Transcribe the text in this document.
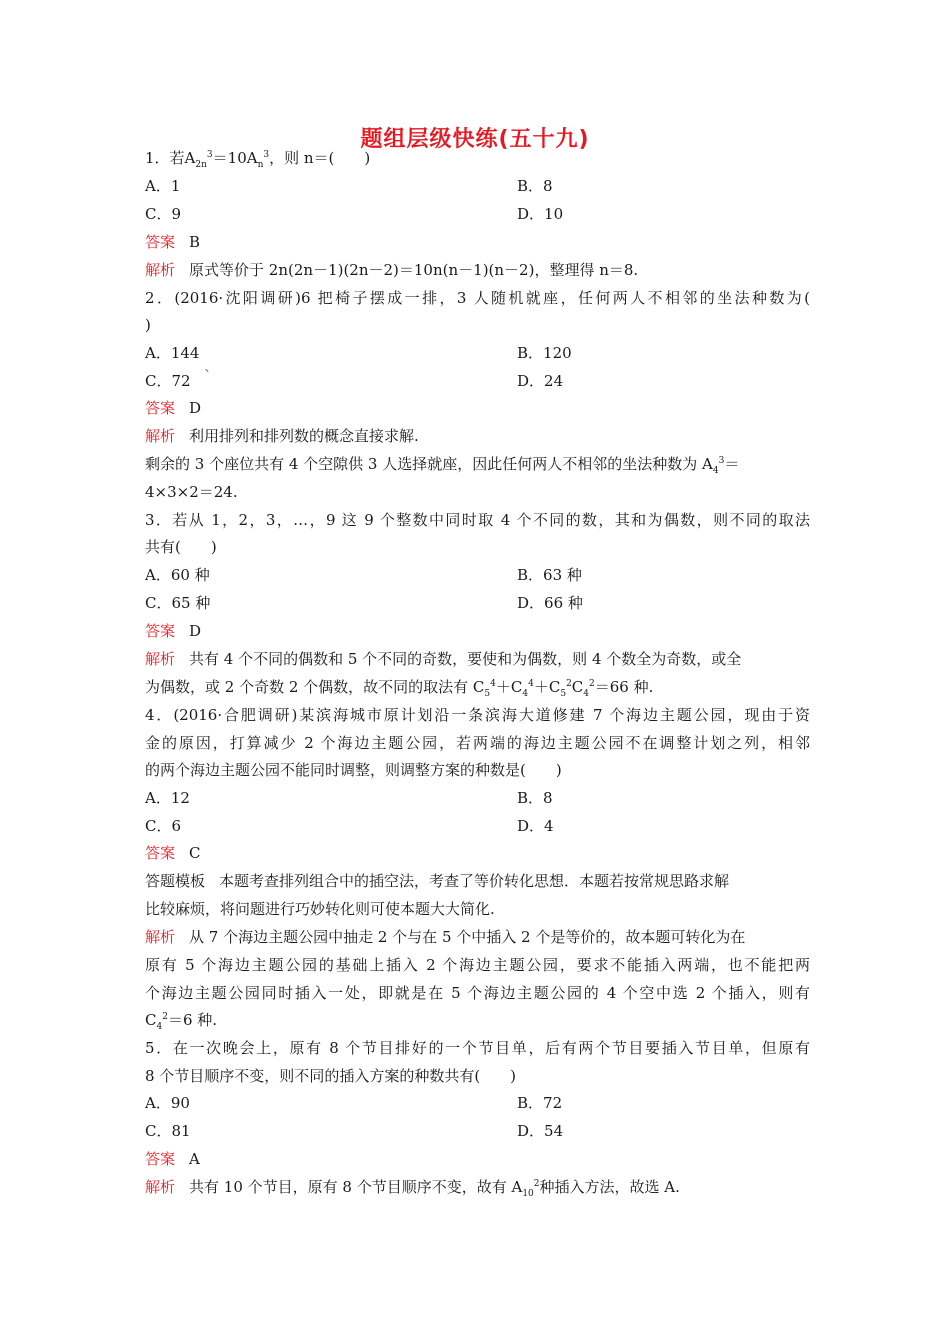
题组层级快练(五十九)
1．若$A_{2n}^3=10A_n^3$，则 n＝(　　)
A．1	B．8
C．9	D．10
答案 B
解析 原式等价于 2n(2n－1)(2n－2)＝10n(n－1)(n－2)，整理得 n＝8.
2．(2016·沈阳调研)6 把椅子摆成一排，3 人随机就座，任何两人不相邻的坐法种数为(
)
A．144	B．120
C．72 `	D．24
答案 D
解析 利用排列和排列数的概念直接求解.
剩余的 3 个座位共有 4 个空隙供 3 人选择就座，因此任何两人不相邻的坐法种数为 $A_4^3=$
4×3×2＝24.
3．若从 1，2，3，…，9 这 9 个整数中同时取 4 个不同的数，其和为偶数，则不同的取法
共有(　　)
A．60 种	B．63 种
C．65 种	D．66 种
答案 D
解析 共有 4 个不同的偶数和 5 个不同的奇数，要使和为偶数，则 4 个数全为奇数，或全
为偶数，或 2 个奇数 2 个偶数，故不同的取法有 $C_5^4+C_4^4+C_5^2C_4^2=66$ 种.
4．(2016·合肥调研)某滨海城市原计划沿一条滨海大道修建 7 个海边主题公园，现由于资
金的原因，打算减少 2 个海边主题公园，若两端的海边主题公园不在调整计划之列，相邻
的两个海边主题公园不能同时调整，则调整方案的种数是(　　)
A．12	B．8
C．6	D．4
答案 C
答题模板 本题考查排列组合中的插空法，考查了等价转化思想．本题若按常规思路求解
比较麻烦，将问题进行巧妙转化则可使本题大大简化.
解析 从 7 个海边主题公园中抽走 2 个与在 5 个中插入 2 个是等价的，故本题可转化为在
原有 5 个海边主题公园的基础上插入 2 个海边主题公园，要求不能插入两端，也不能把两
个海边主题公园同时插入一处，即就是在 5 个海边主题公园的 4 个空中选 2 个插入，则有
$C_4^2=6$ 种.
5．在一次晚会上，原有 8 个节目排好的一个节目单，后有两个节目要插入节目单，但原有
8 个节目顺序不变，则不同的插入方案的种数共有(　　)
A．90	B．72
C．81	D．54
答案 A
解析 共有 10 个节目，原有 8 个节目顺序不变，故有 $A_{10}^2$种插入方法，故选 A.
